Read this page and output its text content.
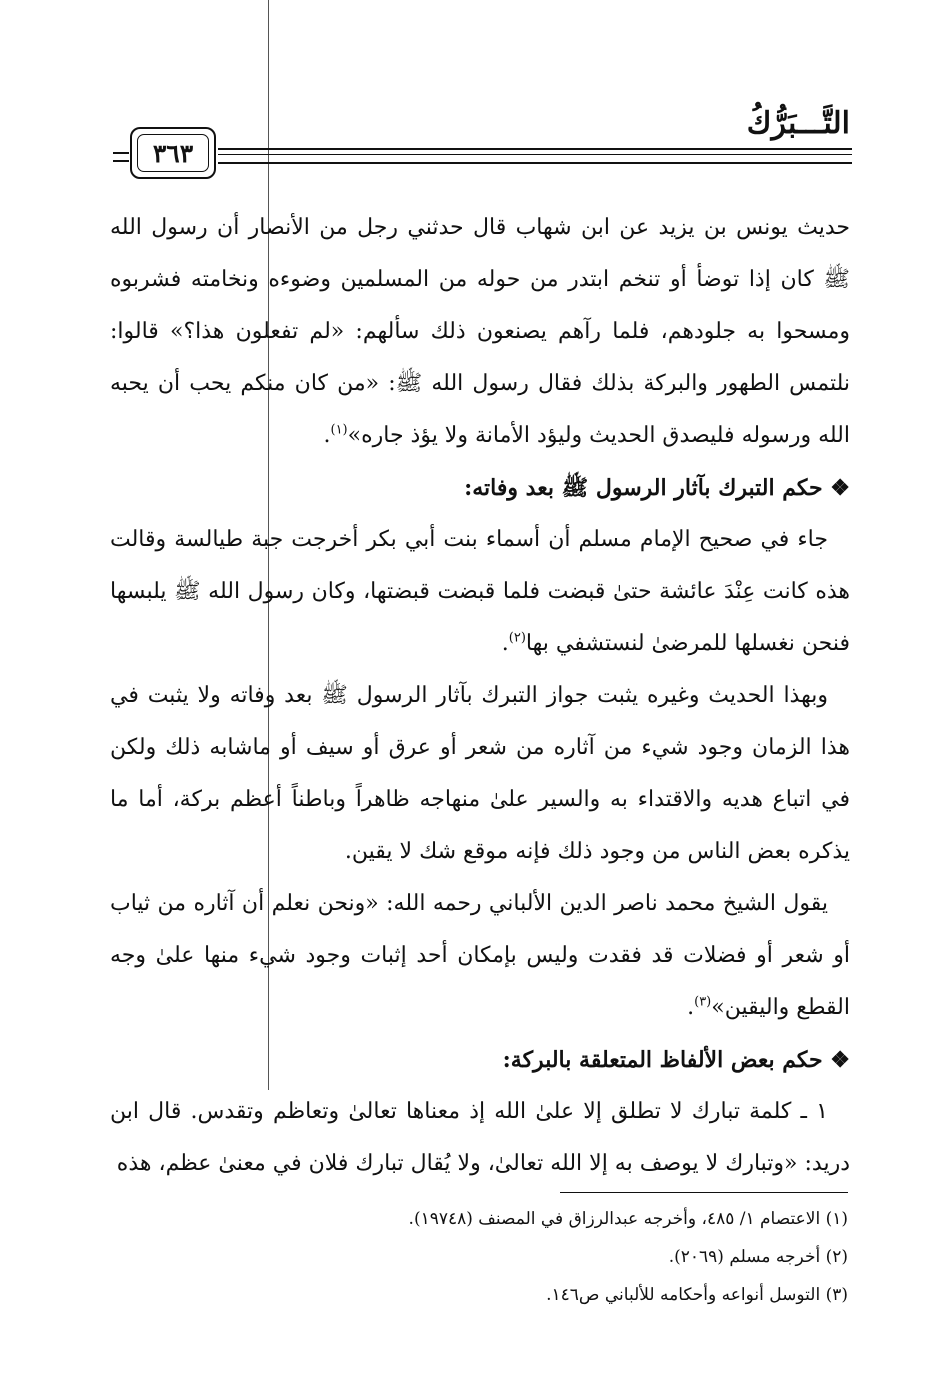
التَّـــبَرُّكُ
٣٦٣

حديث يونس بن يزيد عن ابن شهاب قال حدثني رجل من الأنصار أن رسول الله ﷺ كان إذا توضأ أو تنخم ابتدر من حوله من المسلمين وضوءه ونخامته فشربوه ومسحوا به جلودهم، فلما رآهم يصنعون ذلك سألهم: «لم تفعلون هذا؟» قالوا: نلتمس الطهور والبركة بذلك فقال رسول الله ﷺ: «من كان منكم يحب أن يحبه الله ورسوله فليصدق الحديث وليؤد الأمانة ولا يؤذ جاره»$^{(١)}$.

❖ حكم التبرك بآثار الرسول ﷺ بعد وفاته:

جاء في صحيح الإمام مسلم أن أسماء بنت أبي بكر أخرجت جبة طيالسة وقالت هذه كانت عِنْدَ عائشة حتىٰ قبضت فلما قبضت قبضتها، وكان رسول الله ﷺ يلبسها فنحن نغسلها للمرضىٰ لنستشفي بها$^{(٢)}$.

وبهذا الحديث وغيره يثبت جواز التبرك بآثار الرسول ﷺ بعد وفاته ولا يثبت في هذا الزمان وجود شيء من آثاره من شعر أو عرق أو سيف أو ماشابه ذلك ولكن في اتباع هديه والاقتداء به والسير علىٰ منهاجه ظاهراً وباطناً أعظم بركة، أما ما يذكره بعض الناس من وجود ذلك فإنه موقع شك لا يقين.

يقول الشيخ محمد ناصر الدين الألباني رحمه الله: «ونحن نعلم أن آثاره من ثياب أو شعر أو فضلات قد فقدت وليس بإمكان أحد إثبات وجود شيء منها علىٰ وجه القطع واليقين»$^{(٣)}$.

❖ حكم بعض الألفاظ المتعلقة بالبركة:

١ ـ كلمة تبارك لا تطلق إلا علىٰ الله إذ معناها تعالىٰ وتعاظم وتقدس. قال ابن دريد: «وتبارك لا يوصف به إلا الله تعالىٰ، ولا يُقال تبارك فلان في معنىٰ عظم، هذه

(١) الاعتصام ١/ ٤٨٥، وأخرجه عبدالرزاق في المصنف (١٩٧٤٨).
(٢) أخرجه مسلم (٢٠٦٩).
(٣) التوسل أنواعه وأحكامه للألباني ص١٤٦.
